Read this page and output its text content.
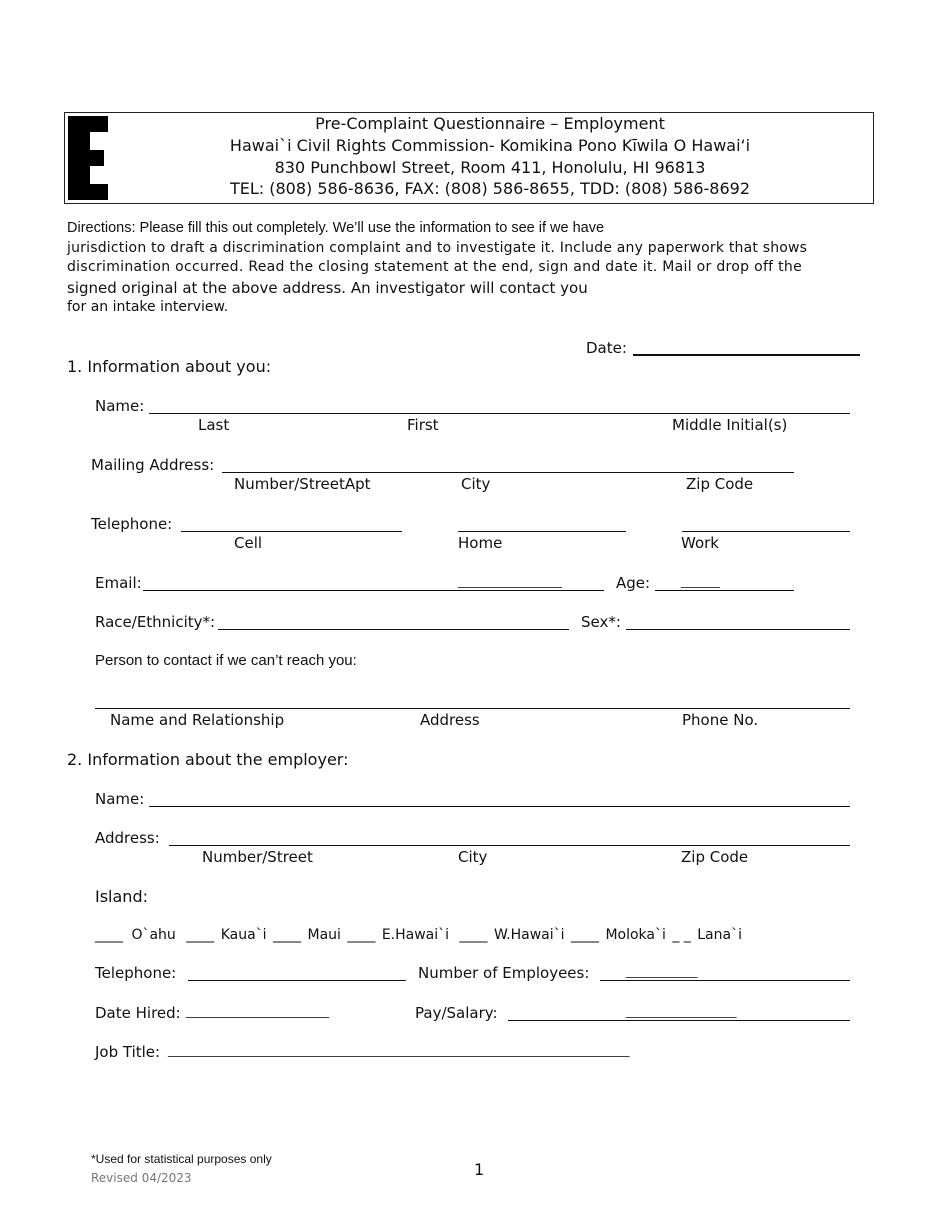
Pre-Complaint Questionnaire – Employment
Hawai`i Civil Rights Commission- Komikina Pono Kīwila O Hawai‘i
830 Punchbowl Street, Room 411, Honolulu, HI 96813
TEL: (808) 586-8636, FAX: (808) 586-8655, TDD: (808) 586-8692
Directions: Please fill this out completely. We’ll use the information to see if we have
jurisdiction to draft a discrimination complaint and to investigate it. Include any paperwork that shows
discrimination occurred. Read the closing statement at the end, sign and date it. Mail or drop off the
signed original at the above address. An investigator will contact you
for an intake interview.
Date:
1. Information about you:
Name:
Last	First	Middle Initial(s)
Mailing Address:
Number/StreetApt	City	Zip Code
Telephone:
Cell	Home	Work
Email:	________________	Age: ______
Race/Ethnicity*:	Sex*:
Person to contact if we can’t reach you:
Name and Relationship	Address	Phone No.
2. Information about the employer:
Name:
Address:
Number/Street	City	Zip Code
Island:
____ O`ahu ____ Kaua`i ____ Maui ____ E.Hawai`i ____ W.Hawai`i ____ Moloka`i _ _ Lana`i
Telephone:	Number of Employees:	___________
Date Hired: ______________________	Pay/Salary:	_________________
Job Title: _______________________________________________________________________
*Used for statistical purposes only
Revised 04/2023	1
